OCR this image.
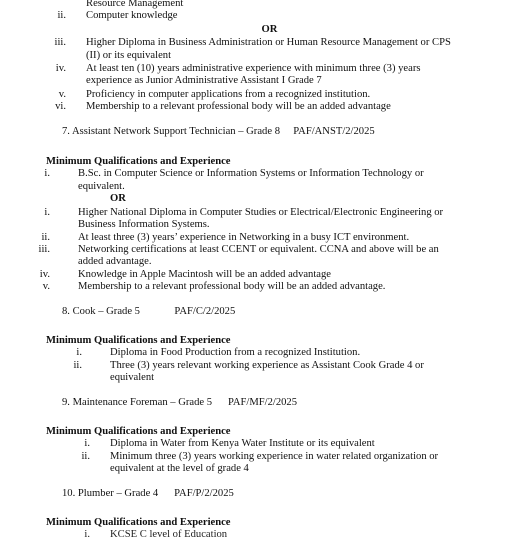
Resource Management
ii. Computer knowledge
OR
iii. Higher Diploma in Business Administration or Human Resource Management or CPS (II) or its equivalent
iv. At least ten (10) years administrative experience with minimum three (3) years experience as Junior Administrative Assistant I Grade 7
v. Proficiency in computer applications from a recognized institution.
vi. Membership to a relevant professional body will be an added advantage
7. Assistant Network Support Technician – Grade 8 PAF/ANST/2/2025
Minimum Qualifications and Experience
i.	B.Sc. in Computer Science or Information Systems or Information Technology or equivalent.
OR
i.	Higher National Diploma in Computer Studies or Electrical/Electronic Engineering or Business Information Systems.
ii.	At least three (3) years’ experience in Networking in a busy ICT environment.
iii.	Networking certifications at least CCENT or equivalent. CCNA and above will be an added advantage.
iv.	Knowledge in Apple Macintosh will be an added advantage
v.	Membership to a relevant professional body will be an added advantage.
8. Cook – Grade 5	PAF/C/2/2025
Minimum Qualifications and Experience
i.	Diploma in Food Production from a recognized Institution.
ii.	Three (3) years relevant working experience as Assistant Cook Grade 4 or equivalent
9. Maintenance Foreman – Grade 5 PAF/MF/2/2025
Minimum Qualifications and Experience
i. Diploma in Water from Kenya Water Institute or its equivalent
ii. Minimum three (3) years working experience in water related organization or equivalent at the level of grade 4
10. Plumber – Grade 4 PAF/P/2/2025
Minimum Qualifications and Experience
i. KCSE C level of Education
